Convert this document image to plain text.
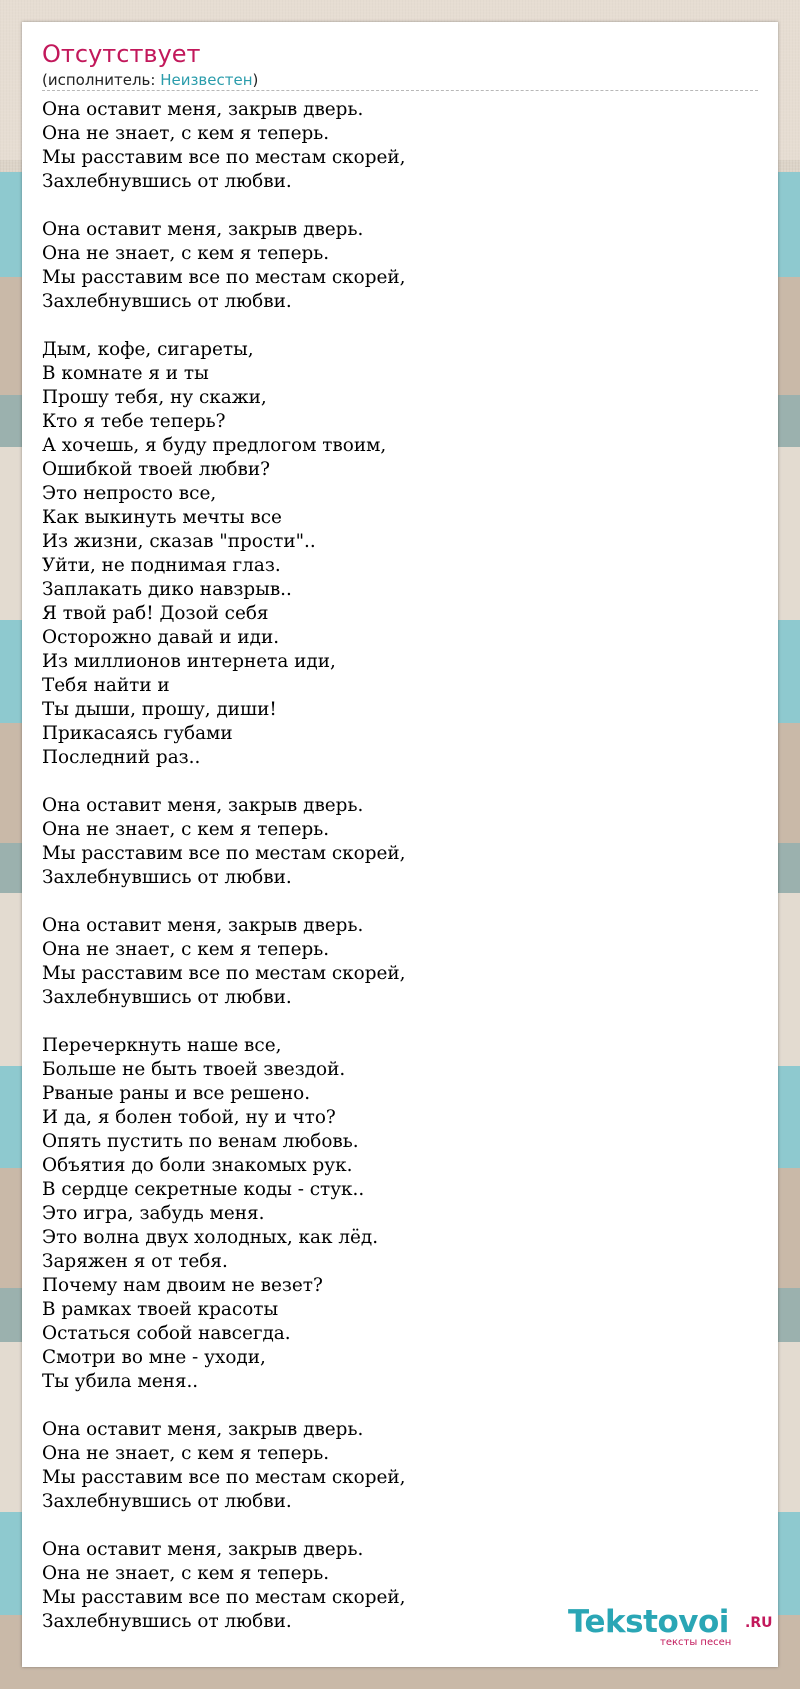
Отсутствует
(исполнитель: Неизвестен)
Она оставит меня, закрыв дверь.
Она не знает, с кем я теперь.
Мы расставим все по местам скорей,
Захлебнувшись от любви.
Она оставит меня, закрыв дверь.
Она не знает, с кем я теперь.
Мы расставим все по местам скорей,
Захлебнувшись от любви.
Дым, кофе, сигареты,
В комнате я и ты
Прошу тебя, ну скажи,
Кто я тебе теперь?
А хочешь, я буду предлогом твоим,
Ошибкой твоей любви?
Это непросто все,
Как выкинуть мечты все
Из жизни, сказав "прости"..
Уйти, не поднимая глаз.
Заплакать дико навзрыв..
Я твой раб! Дозой себя
Осторожно давай и иди.
Из миллионов интернета иди,
Тебя найти и
Ты дыши, прошу, диши!
Прикасаясь губами
Последний раз..
Она оставит меня, закрыв дверь.
Она не знает, с кем я теперь.
Мы расставим все по местам скорей,
Захлебнувшись от любви.
Она оставит меня, закрыв дверь.
Она не знает, с кем я теперь.
Мы расставим все по местам скорей,
Захлебнувшись от любви.
Перечеркнуть наше все,
Больше не быть твоей звездой.
Рваные раны и все решено.
И да, я болен тобой, ну и что?
Опять пустить по венам любовь.
Объятия до боли знакомых рук.
В сердце секретные коды - стук..
Это игра, забудь меня.
Это волна двух холодных, как лёд.
Заряжен я от тебя.
Почему нам двоим не везет?
В рамках твоей красоты
Остаться собой навсегда.
Смотри во мне - уходи,
Ты убила меня..
Она оставит меня, закрыв дверь.
Она не знает, с кем я теперь.
Мы расставим все по местам скорей,
Захлебнувшись от любви.
Она оставит меня, закрыв дверь.
Она не знает, с кем я теперь.
Мы расставим все по местам скорей,
Захлебнувшись от любви.	Tekstovoi .RU
тексты песен
